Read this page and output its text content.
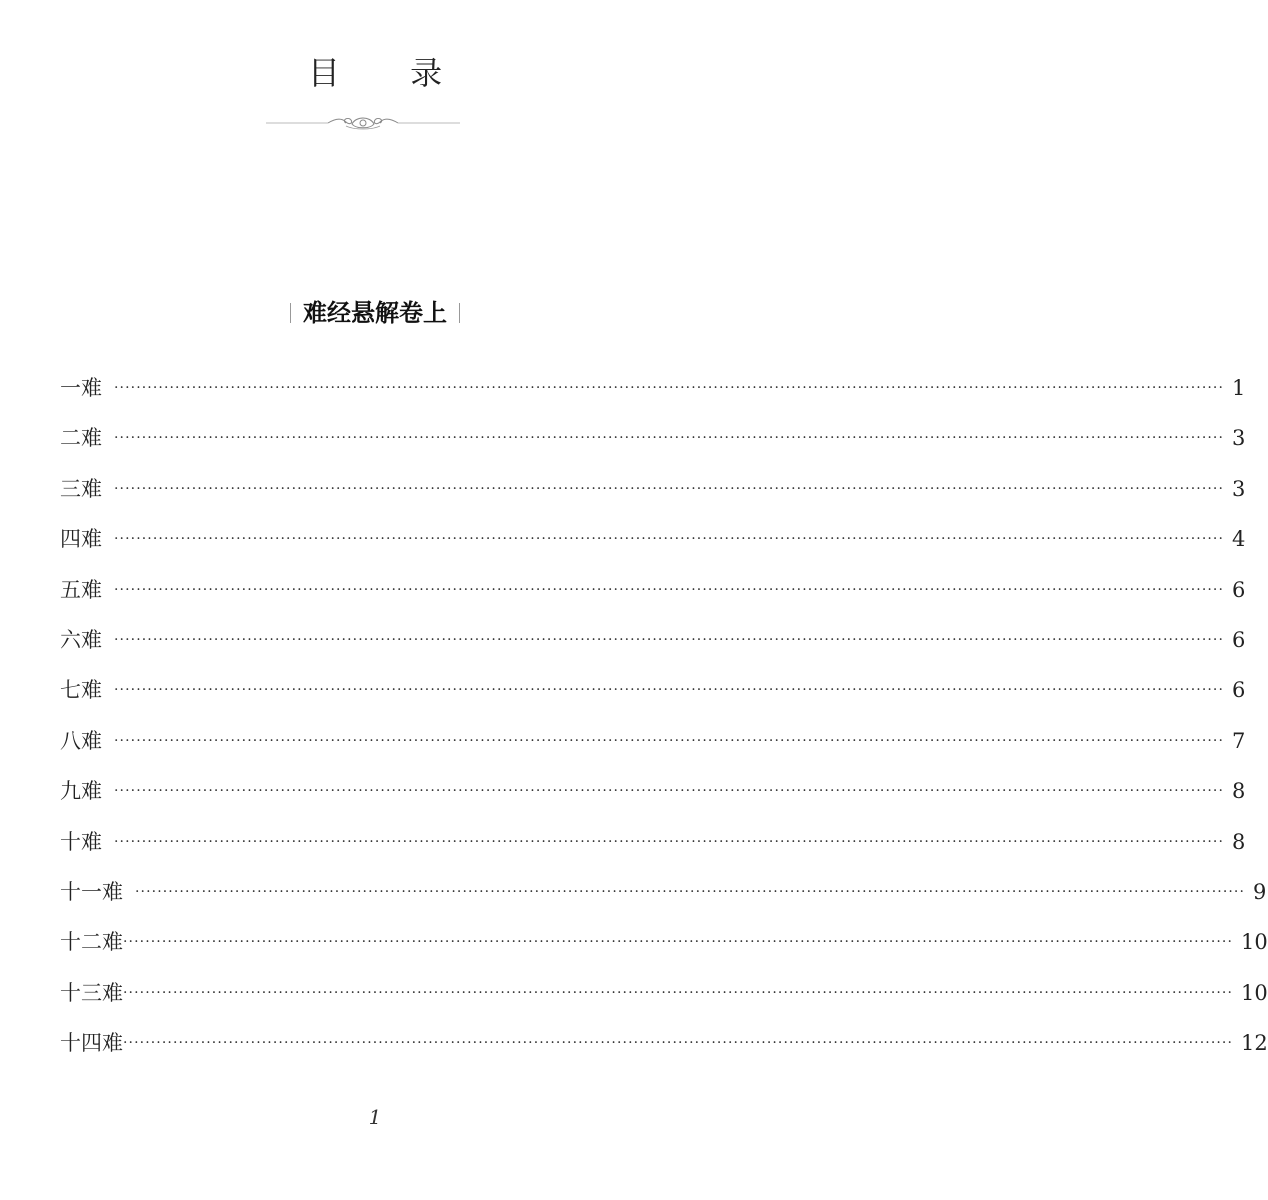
目 录
难经悬解卷上
一难 ········································································································································································································ 1
二难 ········································································································································································································ 3
三难 ········································································································································································································ 3
四难 ········································································································································································································ 4
五难 ········································································································································································································ 6
六难 ········································································································································································································ 6
七难 ········································································································································································································ 6
八难 ········································································································································································································ 7
九难 ········································································································································································································ 8
十难 ········································································································································································································ 8
十一难 ········································································································································································································ 9
十二难 ········································································································································································································ 10
十三难 ········································································································································································································ 10
十四难 ········································································································································································································ 12
1
